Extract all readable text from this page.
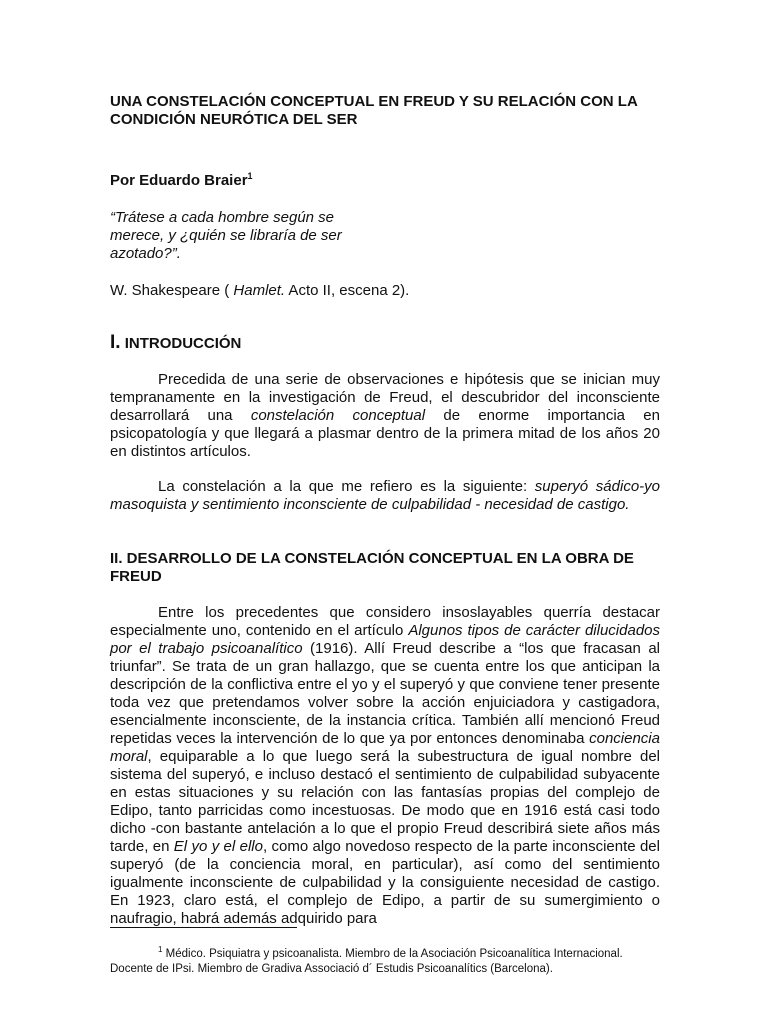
UNA CONSTELACIÓN CONCEPTUAL EN FREUD Y SU RELACIÓN CON LA
CONDICIÓN NEURÓTICA DEL SER

Por Eduardo Braier$^1$

“Trátese a cada hombre según se merece, y ¿quién se libraría de ser azotado?”.

W. Shakespeare ( Hamlet. Acto II, escena 2).

I. INTRODUCCIÓN

Precedida de una serie de observaciones e hipótesis que se inician muy tempranamente en la investigación de Freud, el descubridor del inconsciente desarrollará una constelación conceptual de enorme importancia en psicopatología y que llegará a plasmar dentro de la primera mitad de los años 20 en distintos artículos.

La constelación a la que me refiero es la siguiente: superyó sádico-yo masoquista y sentimiento inconsciente de culpabilidad - necesidad de castigo.

II. DESARROLLO DE LA CONSTELACIÓN CONCEPTUAL EN LA OBRA DE FREUD

Entre los precedentes que considero insoslayables querría destacar especialmente uno, contenido en el artículo Algunos tipos de carácter dilucidados por el trabajo psicoanalítico (1916). Allí Freud describe a “los que fracasan al triunfar”. Se trata de un gran hallazgo, que se cuenta entre los que anticipan la descripción de la conflictiva entre el yo y el superyó y que conviene tener presente toda vez que pretendamos volver sobre la acción enjuiciadora y castigadora, esencialmente inconsciente, de la instancia crítica. También allí mencionó Freud repetidas veces la intervención de lo que ya por entonces denominaba conciencia moral, equiparable a lo que luego será la subestructura de igual nombre del sistema del superyó, e incluso destacó el sentimiento de culpabilidad subyacente en estas situaciones y su relación con las fantasías propias del complejo de Edipo, tanto parricidas como incestuosas. De modo que en 1916 está casi todo dicho -con bastante antelación a lo que el propio Freud describirá siete años más tarde, en El yo y el ello, como algo novedoso respecto de la parte inconsciente del superyó (de la conciencia moral, en particular), así como del sentimiento igualmente inconsciente de culpabilidad y la consiguiente necesidad de castigo. En 1923, claro está, el complejo de Edipo, a partir de su sumergimiento o naufragio, habrá además adquirido para

$^1$ Médico. Psiquiatra y psicoanalista. Miembro de la Asociación Psicoanalítica Internacional. Docente de IPsi. Miembro de Gradiva Associació d´ Estudis Psicoanalítics (Barcelona).
